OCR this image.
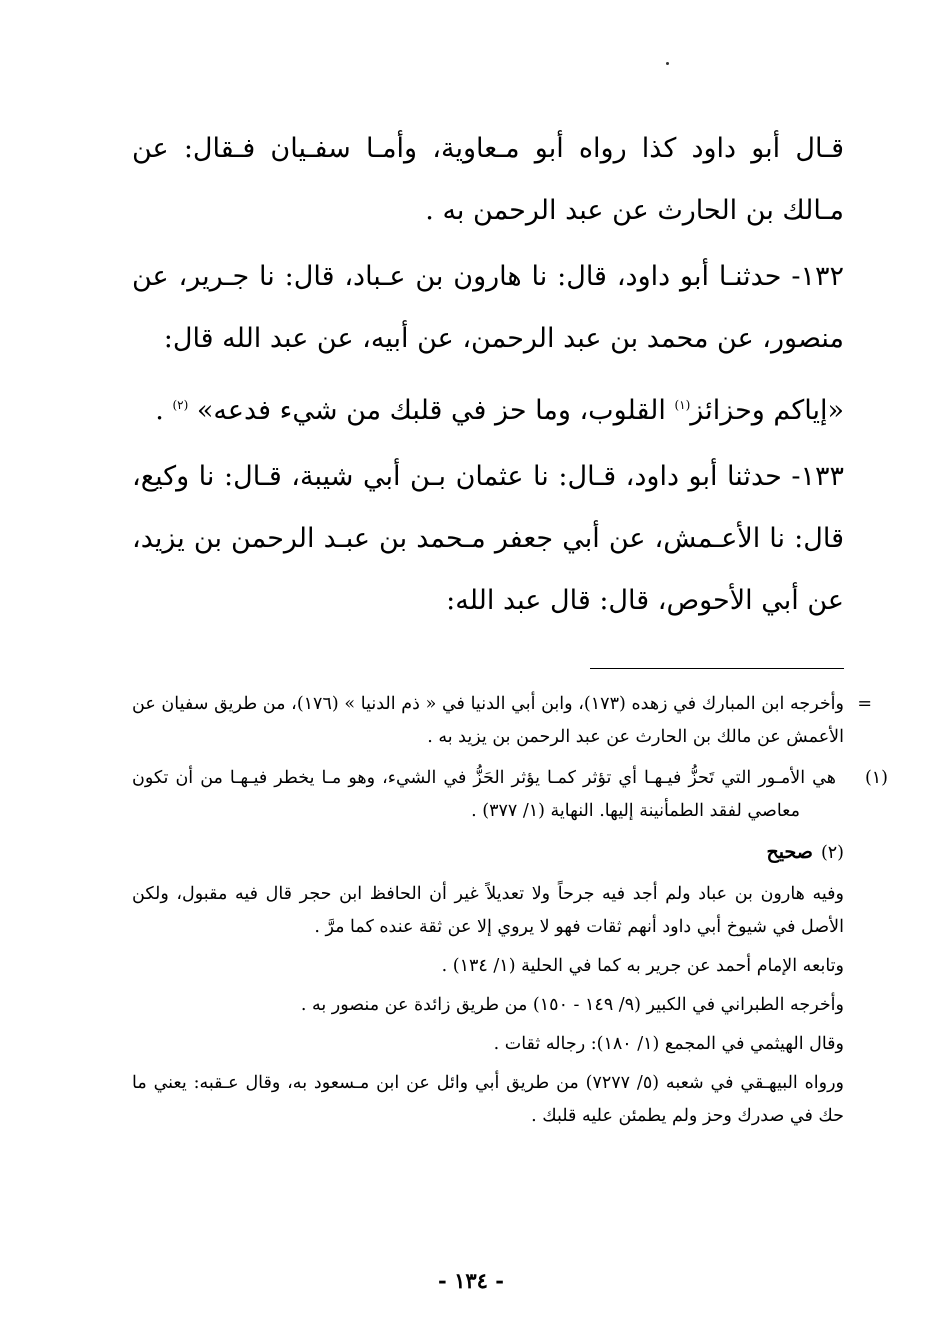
قـال أبو داود كذا رواه أبو مـعاوية، وأمـا سفـيان فـقال: عن مـالك بن الحارث عن عبد الرحمن به .

١٣٢- حدثنـا أبو داود، قال: نا هارون بن عـباد، قال: نا جـرير، عن منصور، عن محمد بن عبد الرحمن، عن أبيه، عن عبد الله قال:

«إياكم وحزائز$^{(١)}$ القلوب، وما حز في قلبك من شيء فدعه» $^{(٢)}$ .

١٣٣- حدثنا أبو داود، قـال: نا عثمان بـن أبي شيبة، قـال: نا وكيع، قال: نا الأعـمش، عن أبي جعفر مـحمد بن عبـد الرحمن بن يزيد، عن أبي الأحوص، قال: قال عبد الله:

=
وأخرجه ابن المبارك في زهده (١٧٣)، وابن أبي الدنيا في « ذم الدنيا » (١٧٦)، من طريق سفيان عن الأعمش عن مالك بن الحارث عن عبد الرحمن بن يزيد به .

(١)هي الأمـور التي تَحزُّ فيـهـا أي تؤثر كمـا يؤثر الحَزُّ في الشيء، وهو مـا يخطر فيـهـا من أن تكون معاصي لفقد الطمأنينة إليها. النهاية (١/ ٣٧٧) .

(٢)صحيح

وفيه هارون بن عباد ولم أجد فيه جرحاً ولا تعديلاً غير أن الحافظ ابن حجر قال فيه مقبول، ولكن الأصل في شيوخ أبي داود أنهم ثقات فهو لا يروي إلا عن ثقة عنده كما مرَّ .

وتابعه الإمام أحمد عن جرير به كما في الحلية (١/ ١٣٤) .

وأخرجه الطبراني في الكبير (٩/ ١٤٩ - ١٥٠) من طريق زائدة عن منصور به .

وقال الهيثمي في المجمع (١/ ١٨٠): رجاله ثقات .

ورواه البيهـقي في شعبه (٥/ ٧٢٧٧) من طريق أبي وائل عن ابن مـسعود به، وقال عـقبه: يعني ما حك في صدرك وحز ولم يطمئن عليه قلبك .

- ١٣٤ -
